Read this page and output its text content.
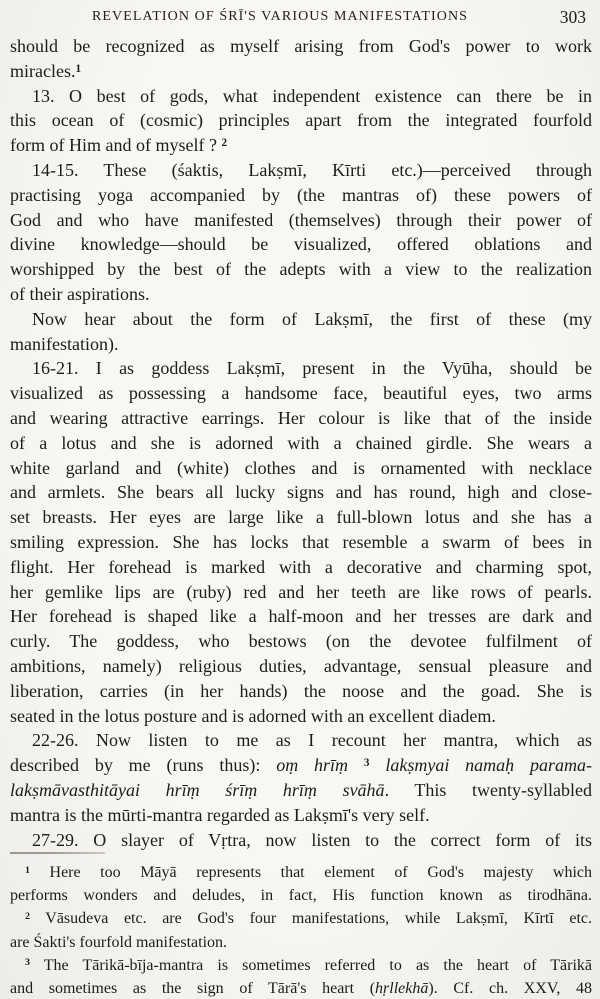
REVELATION OF ŚRĪ'S VARIOUS MANIFESTATIONS	303
should be recognized as myself arising from God's power to work
miracles.$^1$
13. O best of gods, what independent existence can there be in
this ocean of (cosmic) principles apart from the integrated fourfold
form of Him and of myself ? $^2$
14-15. These (śaktis, Lakṣmī, Kīrti etc.)—perceived through
practising yoga accompanied by (the mantras of) these powers of
God and who have manifested (themselves) through their power of
divine knowledge—should be visualized, offered oblations and
worshipped by the best of the adepts with a view to the realization
of their aspirations.
Now hear about the form of Lakṣmī, the first of these (my
manifestation).
16-21. I as goddess Lakṣmī, present in the Vyūha, should be
visualized as possessing a handsome face, beautiful eyes, two arms
and wearing attractive earrings. Her colour is like that of the inside
of a lotus and she is adorned with a chained girdle. She wears a
white garland and (white) clothes and is ornamented with necklace
and armlets. She bears all lucky signs and has round, high and close-
set breasts. Her eyes are large like a full-blown lotus and she has a
smiling expression. She has locks that resemble a swarm of bees in
flight. Her forehead is marked with a decorative and charming spot,
her gemlike lips are (ruby) red and her teeth are like rows of pearls.
Her forehead is shaped like a half-moon and her tresses are dark and
curly. The goddess, who bestows (on the devotee fulfilment of
ambitions, namely) religious duties, advantage, sensual pleasure and
liberation, carries (in her hands) the noose and the goad. She is
seated in the lotus posture and is adorned with an excellent diadem.
22-26. Now listen to me as I recount her mantra, which as
described by me (runs thus): oṃ hrīṃ $^3$ lakṣmyai namaḥ parama-
lakṣmāvasthitāyai hrīṃ śrīṃ hrīṃ svāhā. This twenty-syllabled
mantra is the mūrti-mantra regarded as Lakṣmī's very self.
27-29. O slayer of Vṛtra, now listen to the correct form of its
$^1$ Here too Māyā represents that element of God's majesty which
performs wonders and deludes, in fact, His function known as tirodhāna.
$^2$ Vāsudeva etc. are God's four manifestations, while Lakṣmī, Kīrtī etc.
are Śakti's fourfold manifestation.
$^3$ The Tārikā-bīja-mantra is sometimes referred to as the heart of Tārikā
and sometimes as the sign of Tārā's heart (hṛllekhā). Cf. ch. XXV, 48
